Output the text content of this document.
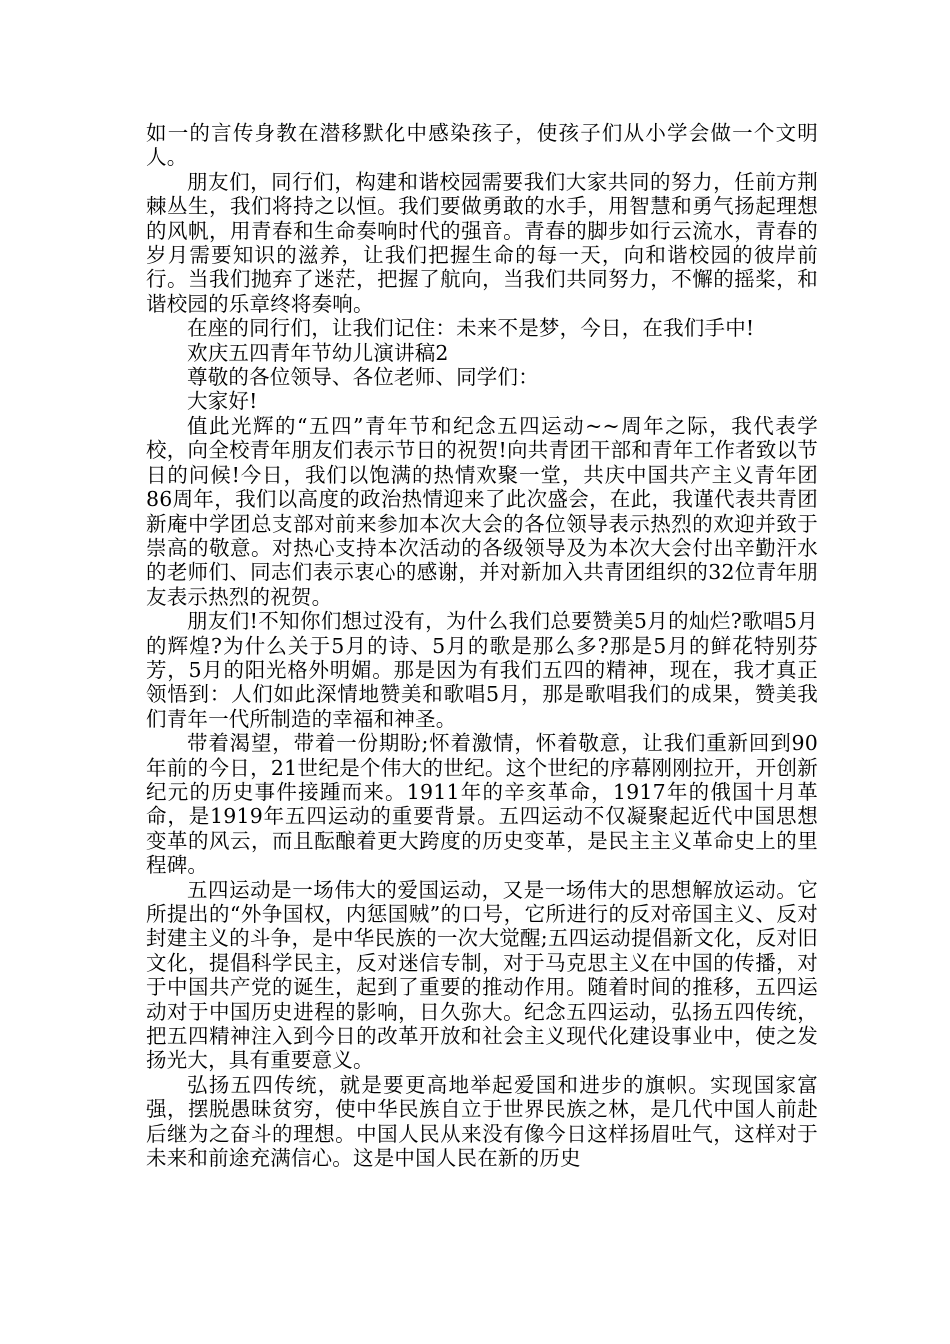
如一的言传身教在潜移默化中感染孩子，使孩子们从小学会做一个文明人。

朋友们，同行们，构建和谐校园需要我们大家共同的努力，任前方荆棘丛生，我们将持之以恒。我们要做勇敢的水手，用智慧和勇气扬起理想的风帆，用青春和生命奏响时代的强音。青春的脚步如行云流水，青春的岁月需要知识的滋养，让我们把握生命的每一天，向和谐校园的彼岸前行。当我们抛弃了迷茫，把握了航向，当我们共同努力，不懈的摇桨，和谐校园的乐章终将奏响。

在座的同行们，让我们记住：未来不是梦，今日，在我们手中!

欢庆五四青年节幼儿演讲稿2

尊敬的各位领导、各位老师、同学们：

大家好!

值此光辉的“五四”青年节和纪念五四运动~~周年之际，我代表学校，向全校青年朋友们表示节日的祝贺!向共青团干部和青年工作者致以节日的问候!今日，我们以饱满的热情欢聚一堂，共庆中国共产主义青年团86周年，我们以高度的政治热情迎来了此次盛会，在此，我谨代表共青团新庵中学团总支部对前来参加本次大会的各位领导表示热烈的欢迎并致于崇高的敬意。对热心支持本次活动的各级领导及为本次大会付出辛勤汗水的老师们、同志们表示衷心的感谢，并对新加入共青团组织的32位青年朋友表示热烈的祝贺。

朋友们!不知你们想过没有，为什么我们总要赞美5月的灿烂?歌唱5月的辉煌?为什么关于5月的诗、5月的歌是那么多?那是5月的鲜花特别芬芳，5月的阳光格外明媚。那是因为有我们五四的精神，现在，我才真正领悟到：人们如此深情地赞美和歌唱5月，那是歌唱我们的成果，赞美我们青年一代所制造的幸福和神圣。

带着渴望，带着一份期盼;怀着激情，怀着敬意，让我们重新回到90年前的今日，21世纪是个伟大的世纪。这个世纪的序幕刚刚拉开，开创新纪元的历史事件接踵而来。1911年的辛亥革命，1917年的俄国十月革命，是1919年五四运动的重要背景。五四运动不仅凝聚起近代中国思想变革的风云，而且酝酿着更大跨度的历史变革，是民主主义革命史上的里程碑。

五四运动是一场伟大的爱国运动，又是一场伟大的思想解放运动。它所提出的“外争国权，内惩国贼”的口号，它所进行的反对帝国主义、反对封建主义的斗争，是中华民族的一次大觉醒;五四运动提倡新文化，反对旧文化，提倡科学民主，反对迷信专制，对于马克思主义在中国的传播，对于中国共产党的诞生，起到了重要的推动作用。随着时间的推移，五四运动对于中国历史进程的影响，日久弥大。纪念五四运动，弘扬五四传统，把五四精神注入到今日的改革开放和社会主义现代化建设事业中，使之发扬光大，具有重要意义。

弘扬五四传统，就是要更高地举起爱国和进步的旗帜。实现国家富强，摆脱愚昧贫穷，使中华民族自立于世界民族之林，是几代中国人前赴后继为之奋斗的理想。中国人民从来没有像今日这样扬眉吐气，这样对于未来和前途充满信心。这是中国人民在新的历史
